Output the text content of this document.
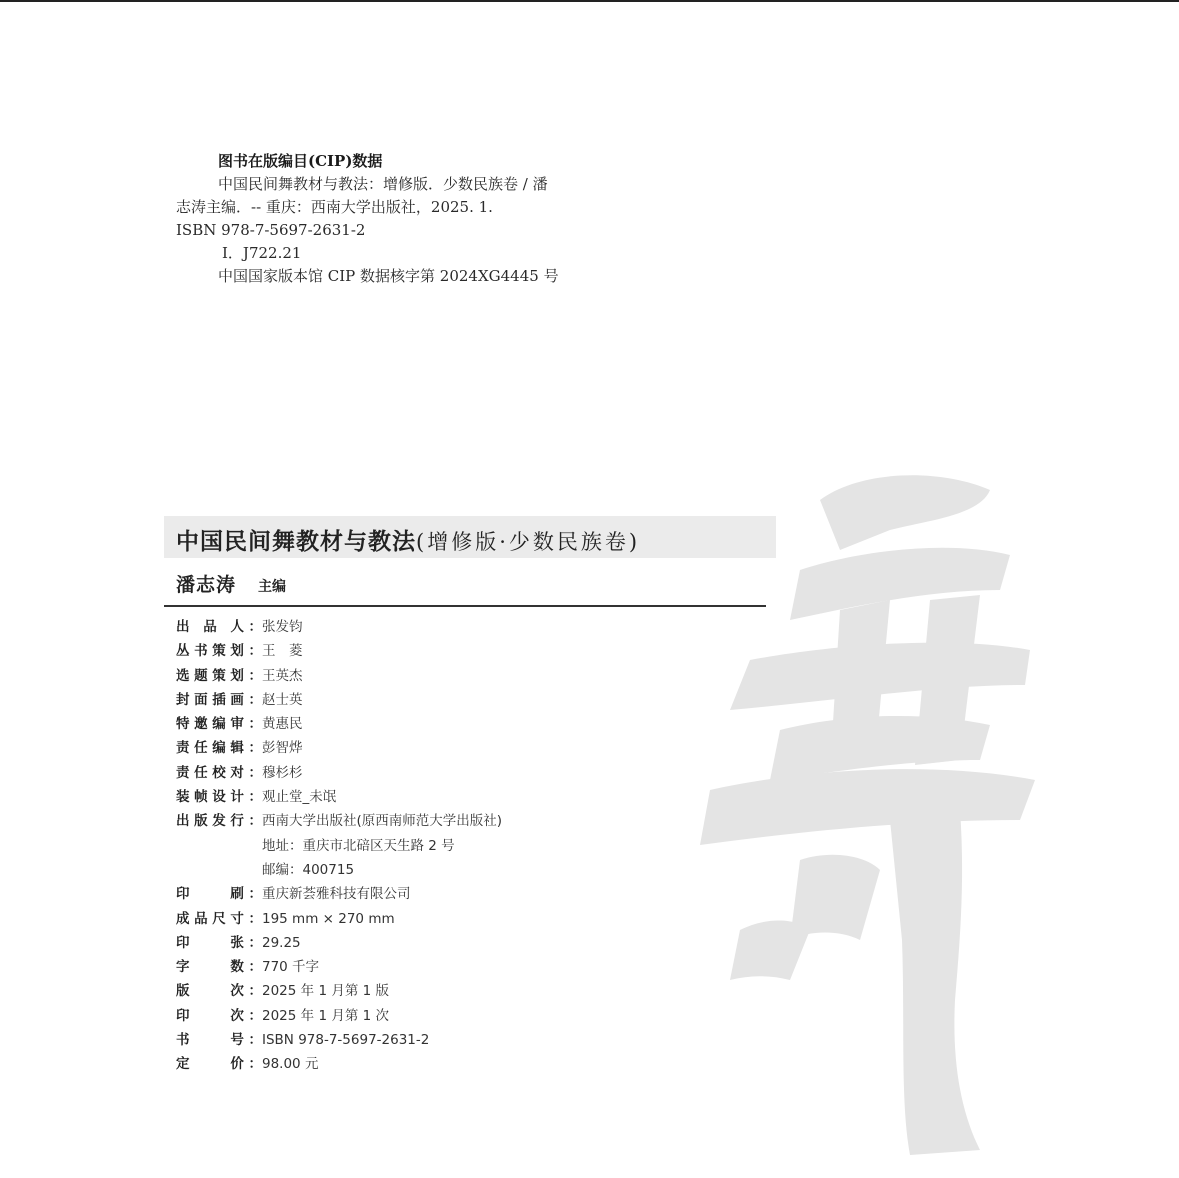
图书在版编目(CIP)数据
中国民间舞教材与教法：增修版．少数民族卷 / 潘
志涛主编．-- 重庆：西南大学出版社，2025. 1.
ISBN 978-7-5697-2631-2
Ⅰ．J722.21
中国国家版本馆 CIP 数据核字第 2024XG4445 号
中国民间舞教材与教法(增修版·少数民族卷)
潘志涛 主编
出 品 人： 张发钧
丛书策划： 王　菱
选题策划： 王英杰
封面插画： 赵士英
特邀编审： 黄惠民
责任编辑： 彭智烨
责任校对： 穆杉杉
装帧设计： 观止堂_未氓
出版发行： 西南大学出版社(原西南师范大学出版社)
地址：重庆市北碚区天生路 2 号
邮编：400715
印　　刷： 重庆新荟雅科技有限公司
成品尺寸： 195 mm × 270 mm
印　　张： 29.25
字　　数： 770 千字
版　　次： 2025 年 1 月第 1 版
印　　次： 2025 年 1 月第 1 次
书　　号： ISBN 978-7-5697-2631-2
定　　价： 98.00 元
